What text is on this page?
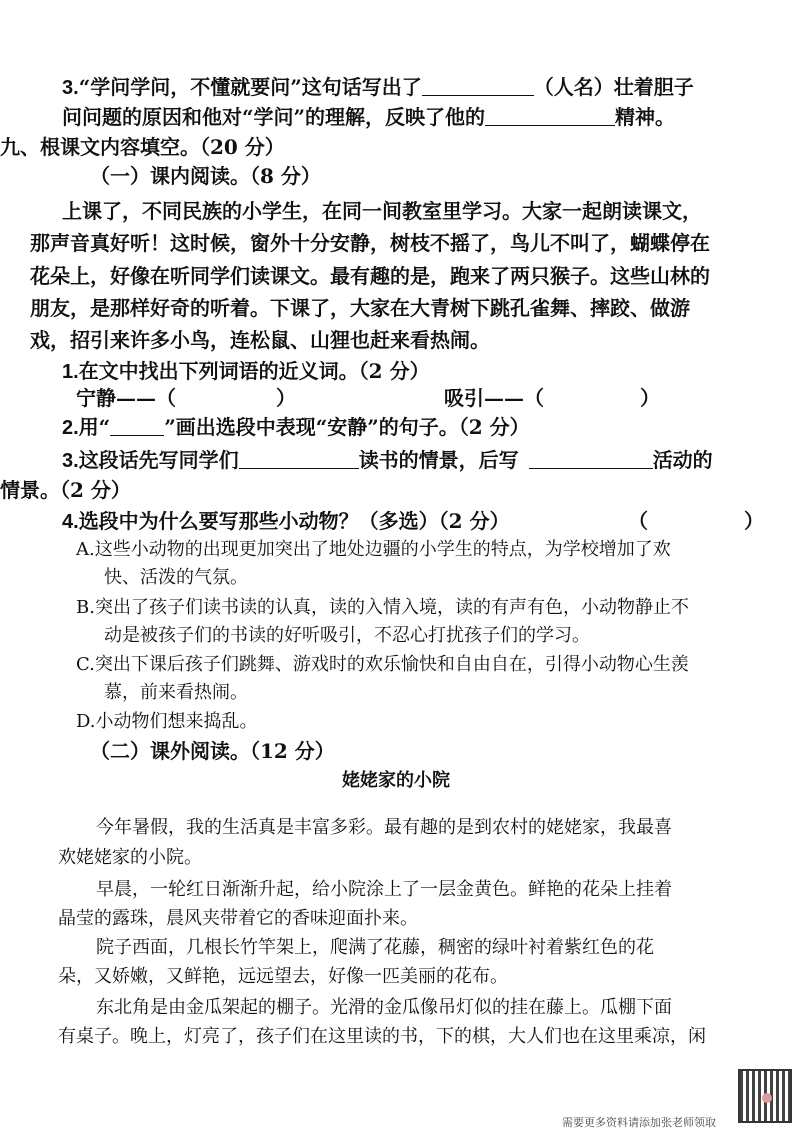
3.“学问学问，不懂就要问”这句话写出了	（人名）壮着胆子
问问题的原因和他对“学问”的理解，反映了他的	精神。
九、根课文内容填空。（20 分）
（一）课内阅读。（8 分）
上课了，不同民族的小学生，在同一间教室里学习。大家一起朗读课文，
那声音真好听！这时候，窗外十分安静，树枝不摇了，鸟儿不叫了，蝴蝶停在
花朵上，好像在听同学们读课文。最有趣的是，跑来了两只猴子。这些山林的
朋友，是那样好奇的听着。下课了，大家在大青树下跳孔雀舞、摔跤、做游
戏，招引来许多小鸟，连松鼠、山狸也赶来看热闹。
1.在文中找出下列词语的近义词。（2 分）
宁静——（	）	吸引——（	）
2.用“	”画出选段中表现“安静”的句子。（2 分）
3.这段话先写同学们	读书的情景，后写	活动的
情景。（2 分）
4.选段中为什么要写那些小动物？（多选）（2 分）	（	）
A.这些小动物的出现更加突出了地处边疆的小学生的特点，为学校增加了欢
快、活泼的气氛。
B.突出了孩子们读书读的认真，读的入情入境，读的有声有色，小动物静止不
动是被孩子们的书读的好听吸引，不忍心打扰孩子们的学习。
C.突出下课后孩子们跳舞、游戏时的欢乐愉快和自由自在，引得小动物心生羡
慕，前来看热闹。
D.小动物们想来捣乱。
（二）课外阅读。（12 分）
姥姥家的小院
今年暑假，我的生活真是丰富多彩。最有趣的是到农村的姥姥家，我最喜
欢姥姥家的小院。
早晨，一轮红日渐渐升起，给小院涂上了一层金黄色。鲜艳的花朵上挂着
晶莹的露珠，晨风夹带着它的香味迎面扑来。
院子西面，几根长竹竿架上，爬满了花藤，稠密的绿叶衬着紫红色的花
朵，又娇嫩，又鲜艳，远远望去，好像一匹美丽的花布。
东北角是由金瓜架起的棚子。光滑的金瓜像吊灯似的挂在藤上。瓜棚下面
有桌子。晚上，灯亮了，孩子们在这里读的书，下的棋，大人们也在这里乘凉，闲
需要更多资料请添加张老师领取
